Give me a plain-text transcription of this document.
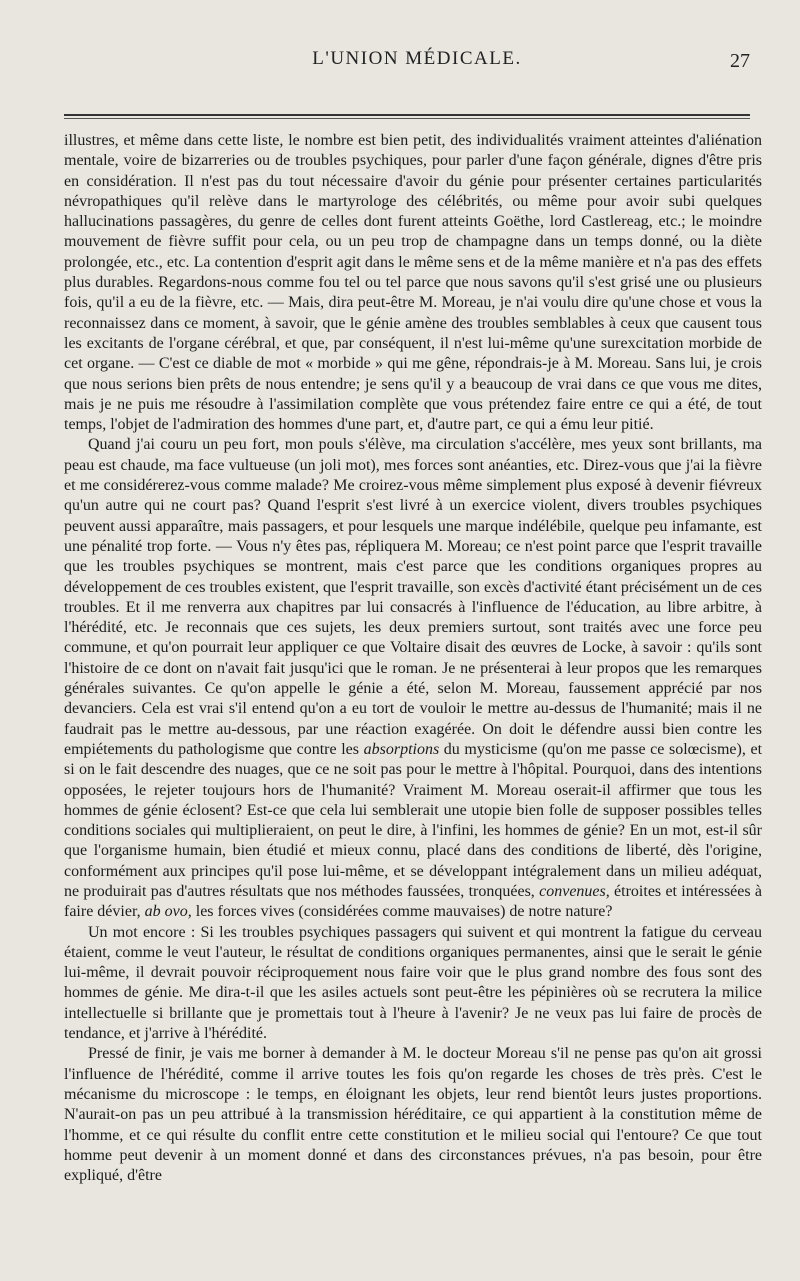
L'UNION MÉDICALE.	27

illustres, et même dans cette liste, le nombre est bien petit, des individualités vraiment atteintes d'aliénation mentale, voire de bizarreries ou de troubles psychiques, pour parler d'une façon générale, dignes d'être pris en considération. Il n'est pas du tout nécessaire d'avoir du génie pour présenter certaines particularités névropathiques qu'il relève dans le martyrologe des célébrités, ou même pour avoir subi quelques hallucinations passagères, du genre de celles dont furent atteints Goëthe, lord Castlereag, etc.; le moindre mouvement de fièvre suffit pour cela, ou un peu trop de champagne dans un temps donné, ou la diète prolongée, etc., etc. La contention d'esprit agit dans le même sens et de la même manière et n'a pas des effets plus durables. Regardons-nous comme fou tel ou tel parce que nous savons qu'il s'est grisé une ou plusieurs fois, qu'il a eu de la fièvre, etc. — Mais, dira peut-être M. Moreau, je n'ai voulu dire qu'une chose et vous la reconnaissez dans ce moment, à savoir, que le génie amène des troubles semblables à ceux que causent tous les excitants de l'organe cérébral, et que, par conséquent, il n'est lui-même qu'une surexcitation morbide de cet organe. — C'est ce diable de mot « morbide » qui me gêne, répondrais-je à M. Moreau. Sans lui, je crois que nous serions bien prêts de nous entendre; je sens qu'il y a beaucoup de vrai dans ce que vous me dites, mais je ne puis me résoudre à l'assimilation complète que vous prétendez faire entre ce qui a été, de tout temps, l'objet de l'admiration des hommes d'une part, et, d'autre part, ce qui a ému leur pitié.

Quand j'ai couru un peu fort, mon pouls s'élève, ma circulation s'accélère, mes yeux sont brillants, ma peau est chaude, ma face vultueuse (un joli mot), mes forces sont anéanties, etc. Direz-vous que j'ai la fièvre et me considérerez-vous comme malade? Me croirez-vous même simplement plus exposé à devenir fiévreux qu'un autre qui ne court pas? Quand l'esprit s'est livré à un exercice violent, divers troubles psychiques peuvent aussi apparaître, mais passagers, et pour lesquels une marque indélébile, quelque peu infamante, est une pénalité trop forte. — Vous n'y êtes pas, répliquera M. Moreau; ce n'est point parce que l'esprit travaille que les troubles psychiques se montrent, mais c'est parce que les conditions organiques propres au développement de ces troubles existent, que l'esprit travaille, son excès d'activité étant précisément un de ces troubles. Et il me renverra aux chapitres par lui consacrés à l'influence de l'éducation, au libre arbitre, à l'hérédité, etc. Je reconnais que ces sujets, les deux premiers surtout, sont traités avec une force peu commune, et qu'on pourrait leur appliquer ce que Voltaire disait des œuvres de Locke, à savoir : qu'ils sont l'histoire de ce dont on n'avait fait jusqu'ici que le roman. Je ne présenterai à leur propos que les remarques générales suivantes. Ce qu'on appelle le génie a été, selon M. Moreau, faussement apprécié par nos devanciers. Cela est vrai s'il entend qu'on a eu tort de vouloir le mettre au-dessus de l'humanité; mais il ne faudrait pas le mettre au-dessous, par une réaction exagérée. On doit le défendre aussi bien contre les empiétements du pathologisme que contre les absorptions du mysticisme (qu'on me passe ce solœcisme), et si on le fait descendre des nuages, que ce ne soit pas pour le mettre à l'hôpital. Pourquoi, dans des intentions opposées, le rejeter toujours hors de l'humanité? Vraiment M. Moreau oserait-il affirmer que tous les hommes de génie éclosent? Est-ce que cela lui semblerait une utopie bien folle de supposer possibles telles conditions sociales qui multiplieraient, on peut le dire, à l'infini, les hommes de génie? En un mot, est-il sûr que l'organisme humain, bien étudié et mieux connu, placé dans des conditions de liberté, dès l'origine, conformément aux principes qu'il pose lui-même, et se développant intégralement dans un milieu adéquat, ne produirait pas d'autres résultats que nos méthodes faussées, tronquées, convenues, étroites et intéressées à faire dévier, ab ovo, les forces vives (considérées comme mauvaises) de notre nature?

Un mot encore : Si les troubles psychiques passagers qui suivent et qui montrent la fatigue du cerveau étaient, comme le veut l'auteur, le résultat de conditions organiques permanentes, ainsi que le serait le génie lui-même, il devrait pouvoir réciproquement nous faire voir que le plus grand nombre des fous sont des hommes de génie. Me dira-t-il que les asiles actuels sont peut-être les pépinières où se recrutera la milice intellectuelle si brillante que je promettais tout à l'heure à l'avenir? Je ne veux pas lui faire de procès de tendance, et j'arrive à l'hérédité.

Pressé de finir, je vais me borner à demander à M. le docteur Moreau s'il ne pense pas qu'on ait grossi l'influence de l'hérédité, comme il arrive toutes les fois qu'on regarde les choses de très près. C'est le mécanisme du microscope : le temps, en éloignant les objets, leur rend bientôt leurs justes proportions. N'aurait-on pas un peu attribué à la transmission héréditaire, ce qui appartient à la constitution même de l'homme, et ce qui résulte du conflit entre cette constitution et le milieu social qui l'entoure? Ce que tout homme peut devenir à un moment donné et dans des circonstances prévues, n'a pas besoin, pour être expliqué, d'être
